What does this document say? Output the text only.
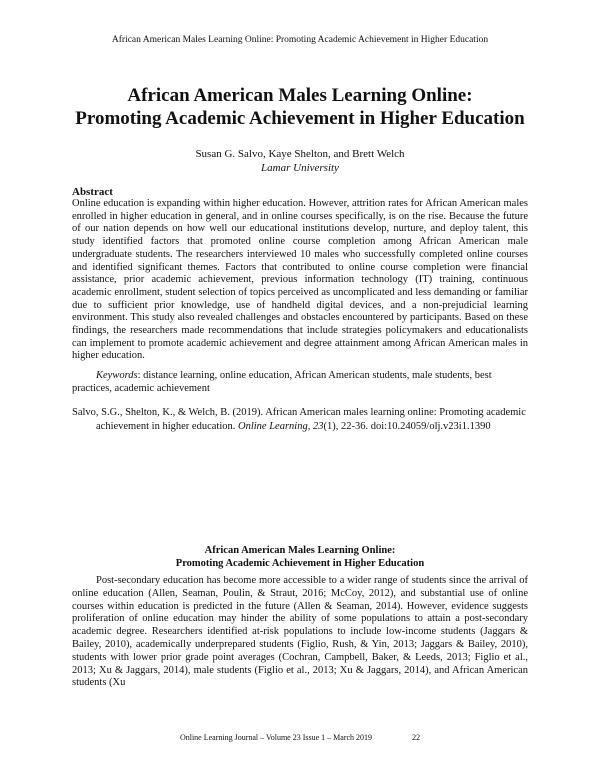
African American Males Learning Online: Promoting Academic Achievement in Higher Education
African American Males Learning Online:
Promoting Academic Achievement in Higher Education
Susan G. Salvo, Kaye Shelton, and Brett Welch
Lamar University
Abstract

Online education is expanding within higher education. However, attrition rates for African American males enrolled in higher education in general, and in online courses specifically, is on the rise. Because the future of our nation depends on how well our educational institutions develop, nurture, and deploy talent, this study identified factors that promoted online course completion among African American male undergraduate students. The researchers interviewed 10 males who successfully completed online courses and identified significant themes. Factors that contributed to online course completion were financial assistance, prior academic achievement, previous information technology (IT) training, continuous academic enrollment, student selection of topics perceived as uncomplicated and less demanding or familiar due to sufficient prior knowledge, use of handheld digital devices, and a non-prejudicial learning environment. This study also revealed challenges and obstacles encountered by participants. Based on these findings, the researchers made recommendations that include strategies policymakers and educationalists can implement to promote academic achievement and degree attainment among African American males in higher education.

Keywords: distance learning, online education, African American students, male students, best practices, academic achievement

Salvo, S.G., Shelton, K., & Welch, B. (2019). African American males learning online: Promoting academic achievement in higher education. Online Learning, 23(1), 22-36. doi:10.24059/olj.v23i1.1390

African American Males Learning Online:
Promoting Academic Achievement in Higher Education

Post-secondary education has become more accessible to a wider range of students since the arrival of online education (Allen, Seaman, Poulin, & Straut, 2016; McCoy, 2012), and substantial use of online courses within education is predicted in the future (Allen & Seaman, 2014). However, evidence suggests proliferation of online education may hinder the ability of some populations to attain a post-secondary academic degree. Researchers identified at-risk populations to include low-income students (Jaggars & Bailey, 2010), academically underprepared students (Figlio, Rush, & Yin, 2013; Jaggars & Bailey, 2010), students with lower prior grade point averages (Cochran, Campbell, Baker, & Leeds, 2013; Figlio et al., 2013; Xu & Jaggars, 2014), male students (Figlio et al., 2013; Xu & Jaggars, 2014), and African American students (Xu

Online Learning Journal – Volume 23 Issue 1 – March 2019	22
